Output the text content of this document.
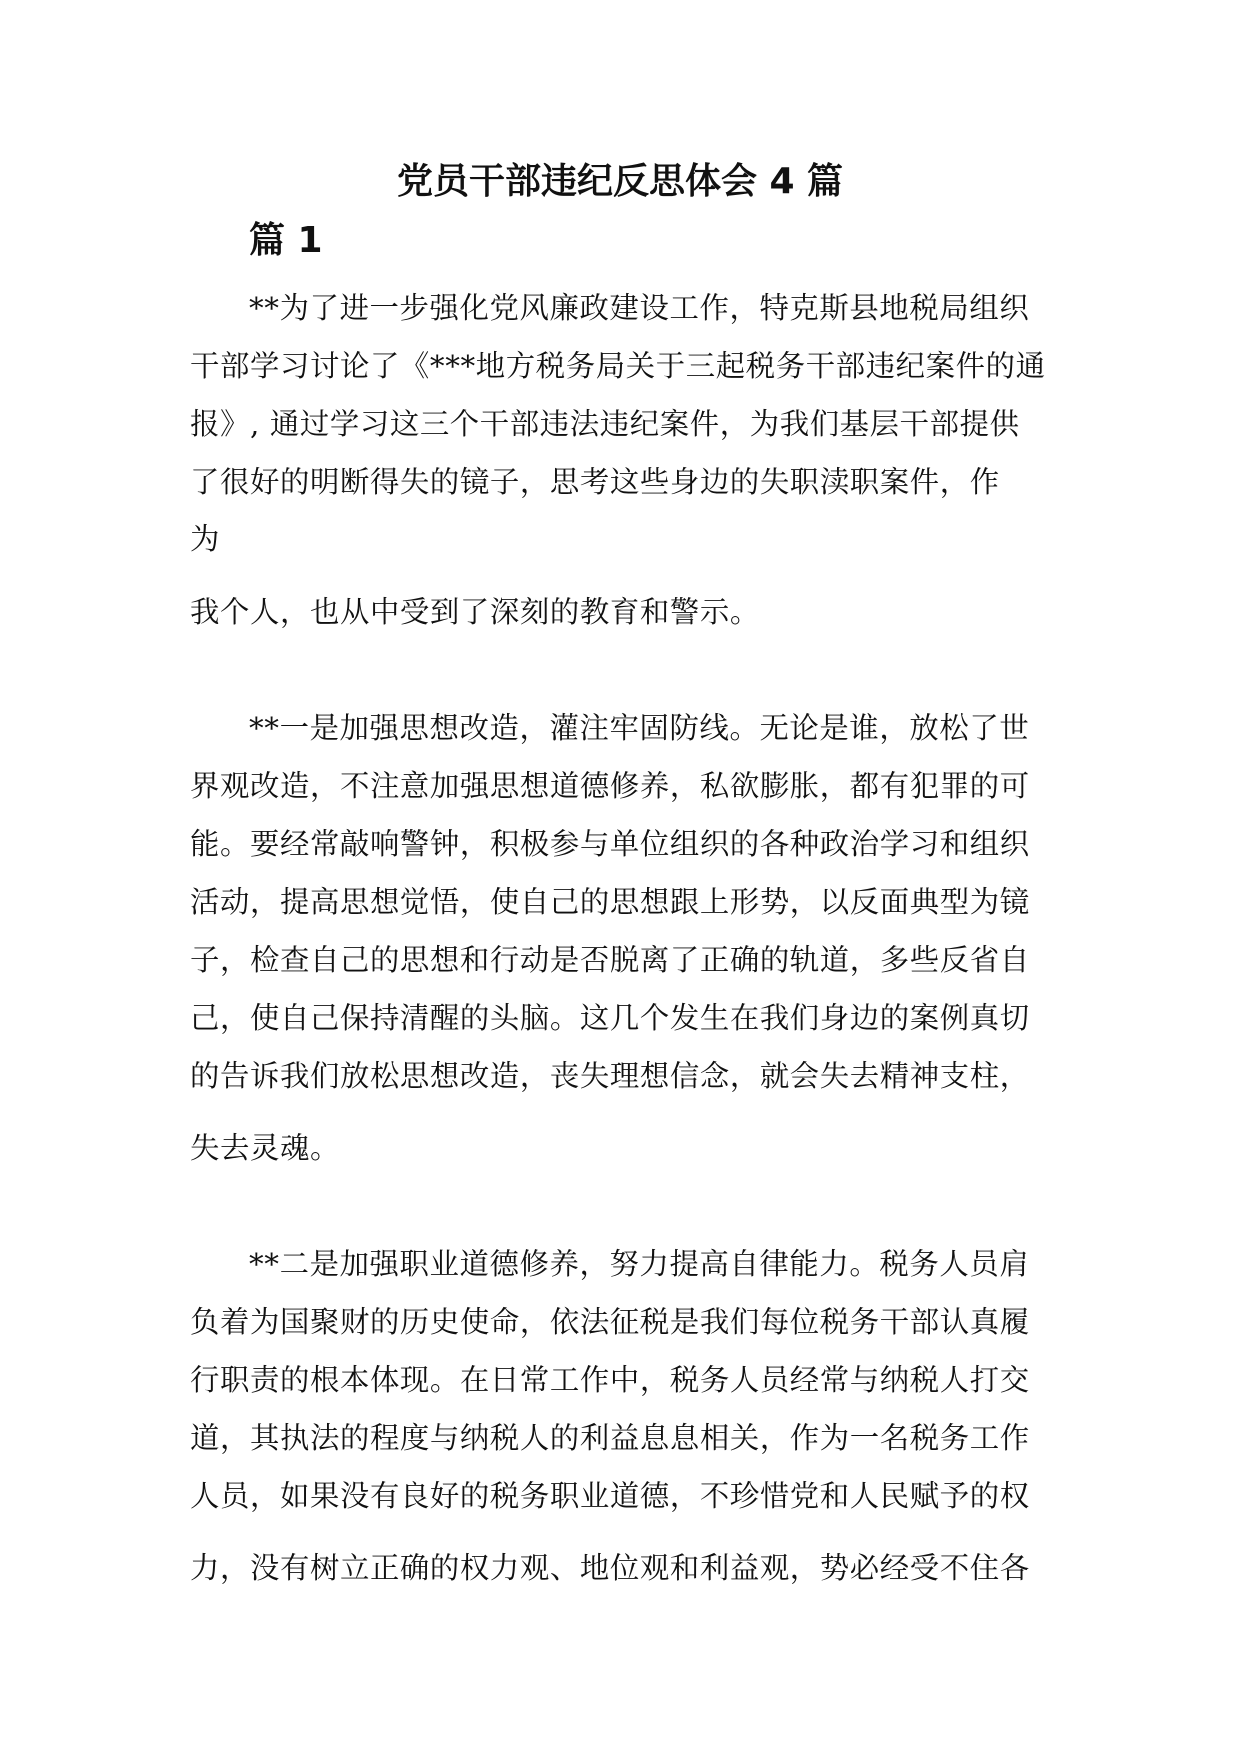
党员干部违纪反思体会 4 篇
篇 1
**为了进一步强化党风廉政建设工作，特克斯县地税局组织
干部学习讨论了《***地方税务局关于三起税务干部违纪案件的通
报》, 通过学习这三个干部违法违纪案件，为我们基层干部提供
了很好的明断得失的镜子，思考这些身边的失职渎职案件，作
为
我个人，也从中受到了深刻的教育和警示。
**一是加强思想改造，灌注牢固防线。无论是谁，放松了世
界观改造，不注意加强思想道德修养，私欲膨胀，都有犯罪的可
能。要经常敲响警钟，积极参与单位组织的各种政治学习和组织
活动，提高思想觉悟，使自己的思想跟上形势，以反面典型为镜
子，检查自己的思想和行动是否脱离了正确的轨道，多些反省自
己，使自己保持清醒的头脑。这几个发生在我们身边的案例真切
的告诉我们放松思想改造，丧失理想信念，就会失去精神支柱，
失去灵魂。
**二是加强职业道德修养，努力提高自律能力。税务人员肩
负着为国聚财的历史使命，依法征税是我们每位税务干部认真履
行职责的根本体现。在日常工作中，税务人员经常与纳税人打交
道，其执法的程度与纳税人的利益息息相关，作为一名税务工作
人员，如果没有良好的税务职业道德，不珍惜党和人民赋予的权
力，没有树立正确的权力观、地位观和利益观，势必经受不住各
